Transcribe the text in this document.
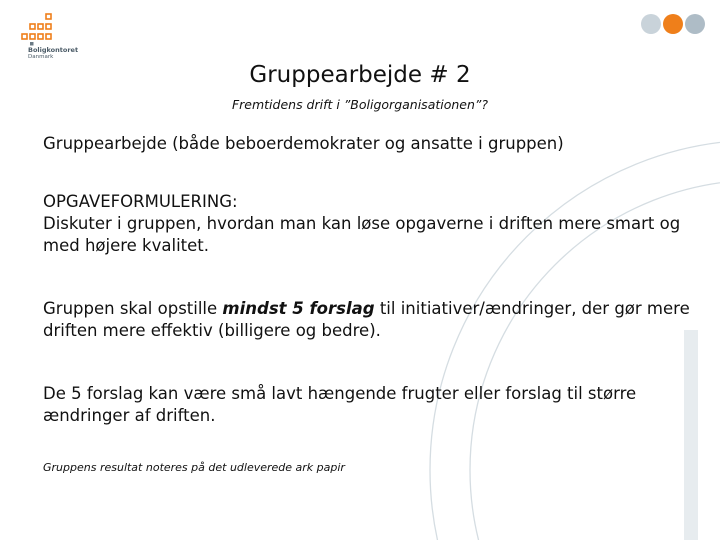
Boligkontoret
Danmark
Gruppearbejde # 2
Fremtidens drift i ”Boligorganisationen”?
Gruppearbejde (både beboerdemokrater og ansatte i gruppen)
OPGAVEFORMULERING:
Diskuter i gruppen, hvordan man kan løse opgaverne i driften mere smart og med højere kvalitet.
Gruppen skal opstille mindst 5 forslag til initiativer/ændringer, der gør mere driften mere effektiv (billigere og bedre).
De 5 forslag kan være små lavt hængende frugter eller forslag til større ændringer af driften.
Gruppens resultat noteres på det udleverede ark papir
